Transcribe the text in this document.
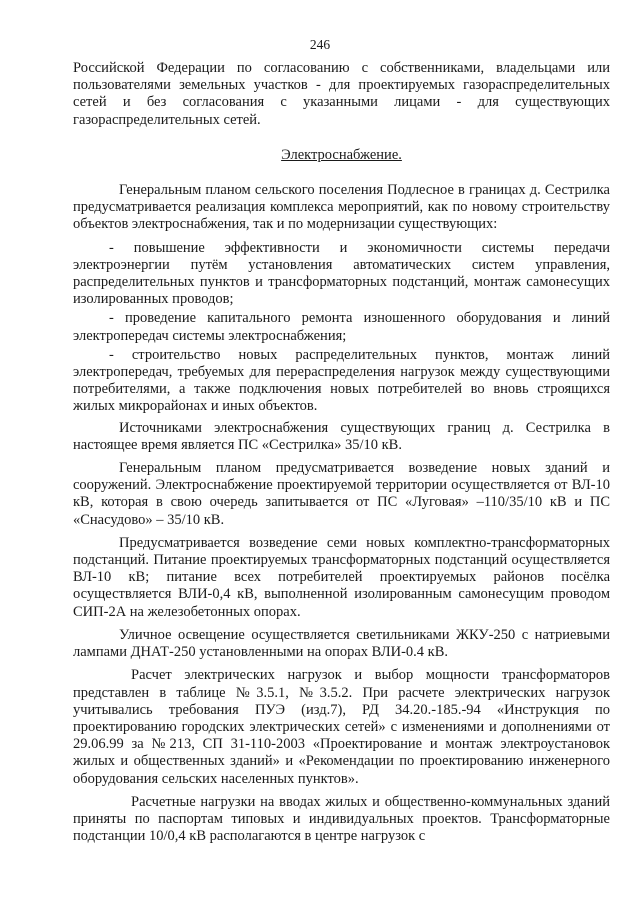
246

Российской Федерации по согласованию с собственниками, владельцами или пользователями земельных участков - для проектируемых газораспределительных сетей и без согласования с указанными лицами - для существующих газораспределительных сетей.

Электроснабжение.

Генеральным планом сельского поселения Подлесное в границах д. Сестрилка предусматривается реализация комплекса мероприятий, как по новому строительству объектов электроснабжения, так и по модернизации существующих:

- повышение эффективности и экономичности системы передачи электроэнергии путём установления автоматических систем управления, распределительных пунктов и трансформаторных подстанций, монтаж самонесущих изолированных проводов;

- проведение капитального ремонта изношенного оборудования и линий электропередач системы электроснабжения;

- строительство новых распределительных пунктов, монтаж линий электропередач, требуемых для перераспределения нагрузок между существующими потребителями, а также подключения новых потребителей во вновь строящихся жилых микрорайонах и иных объектов.

Источниками электроснабжения существующих границ д. Сестрилка в настоящее время является ПС «Сестрилка» 35/10 кВ.

Генеральным планом предусматривается возведение новых зданий и сооружений. Электроснабжение проектируемой территории осуществляется от ВЛ-10 кВ, которая в свою очередь запитывается от ПС «Луговая» –110/35/10 кВ и ПС «Снасудово» – 35/10 кВ.

Предусматривается возведение семи новых комплектно-трансформаторных подстанций. Питание проектируемых трансформаторных подстанций осуществляется ВЛ-10 кВ; питание всех потребителей проектируемых районов посёлка осуществляется ВЛИ-0,4 кВ, выполненной изолированным самонесущим проводом СИП-2А на железобетонных опорах.

Уличное освещение осуществляется светильниками ЖКУ-250 с натриевыми лампами ДНАТ-250 установленными на опорах ВЛИ-0.4 кВ.

Расчет электрических нагрузок и выбор мощности трансформаторов представлен в таблице №3.5.1, №3.5.2. При расчете электрических нагрузок учитывались требования ПУЭ (изд.7), РД 34.20.-185.-94 «Инструкция по проектированию городских электрических сетей» с изменениями и дополнениями от 29.06.99 за №213, СП 31-110-2003 «Проектирование и монтаж электроустановок жилых и общественных зданий» и «Рекомендации по проектированию инженерного оборудования сельских населенных пунктов».

Расчетные нагрузки на вводах жилых и общественно-коммунальных зданий приняты по паспортам типовых и индивидуальных проектов. Трансформаторные подстанции 10/0,4 кВ располагаются в центре нагрузок с
